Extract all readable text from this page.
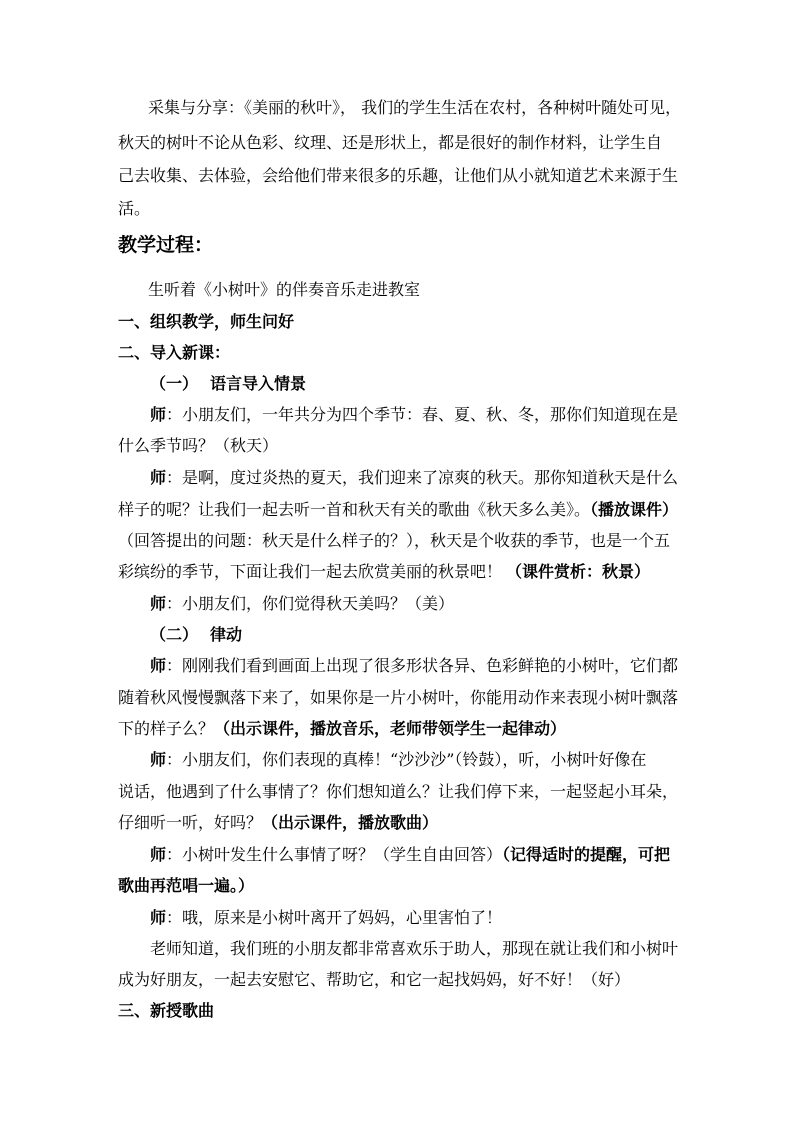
采集与分享：《美丽的秋叶》， 我们的学生生活在农村，各种树叶随处可见，
秋天的树叶不论从色彩、纹理、还是形状上，都是很好的制作材料，让学生自
己去收集、去体验，会给他们带来很多的乐趣，让他们从小就知道艺术来源于生
活。
教学过程：
生听着《小树叶》的伴奏音乐走进教室
一、组织教学，师生问好
二、导入新课：
（一） 语言导入情景
师：小朋友们，一年共分为四个季节：春、夏、秋、冬，那你们知道现在是
什么季节吗？（秋天）
师：是啊，度过炎热的夏天，我们迎来了凉爽的秋天。那你知道秋天是什么
样子的呢？让我们一起去听一首和秋天有关的歌曲《秋天多么美》。（播放课件）
（回答提出的问题：秋天是什么样子的？），秋天是个收获的季节，也是一个五
彩缤纷的季节，下面让我们一起去欣赏美丽的秋景吧！ （课件赏析：秋景）
师：小朋友们，你们觉得秋天美吗？（美）
（二） 律动
师：刚刚我们看到画面上出现了很多形状各异、色彩鲜艳的小树叶，它们都
随着秋风慢慢飘落下来了，如果你是一片小树叶，你能用动作来表现小树叶飘落
下的样子么？（出示课件，播放音乐，老师带领学生一起律动）
师：小朋友们，你们表现的真棒！“沙沙沙”（铃鼓），听，小树叶好像在
说话，他遇到了什么事情了？你们想知道么？让我们停下来，一起竖起小耳朵，
仔细听一听，好吗？（出示课件，播放歌曲）
师：小树叶发生什么事情了呀？（学生自由回答）（记得适时的提醒，可把
歌曲再范唱一遍。）
师：哦，原来是小树叶离开了妈妈，心里害怕了！
老师知道，我们班的小朋友都非常喜欢乐于助人，那现在就让我们和小树叶
成为好朋友，一起去安慰它、帮助它，和它一起找妈妈，好不好！（好）
三、新授歌曲
